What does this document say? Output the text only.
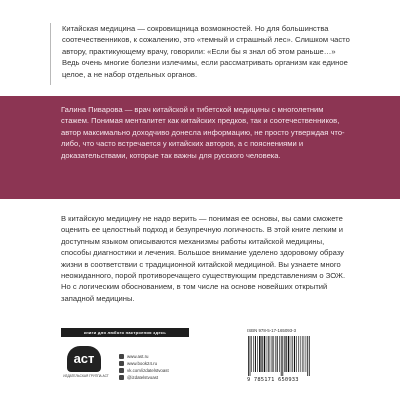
Китайская медицина — сокровищница возможностей. Но для большинства соотечественников, к сожалению, это «темный и страшный лес». Слишком часто автору, практикующему врачу, говорили: «Если бы я знал об этом раньше…» Ведь очень многие болезни излечимы, если рассматривать организм как единое целое, а не набор отдельных органов.
Галина Пиварова — врач китайской и тибетской медицины с многолетним стажем. Понимая менталитет как китайских предков, так и соотечественников, автор максимально доходчиво донесла информацию, не просто утверждая что-либо, что часто встречается у китайских авторов, а с пояснениями и доказательствами, которые так важны для русского человека.
В китайскую медицину не надо верить — понимая ее основы, вы сами сможете оценить ее целостный подход и безупречную логичность. В этой книге легким и доступным языком описываются механизмы работы китайской медицины, способы диагностики и лечения. Большое внимание уделено здоровому образу жизни в соответствии с традиционной китайской медициной. Вы узнаете много неожиданного, порой противоречащего существующим представлениям о ЗОЖ. Но с логическим обоснованием, в том числе на основе новейших открытий западной медицины.
книги для любого настроения здесь
аст
ИЗДАТЕЛЬСКАЯ ГРУППА АСТ
www.ast.ru
www.book24.ru
vk.com/izdatelstvoast
@izdatelstvoast
ISBN 978-5-17-165093-3
9 785171 650933
